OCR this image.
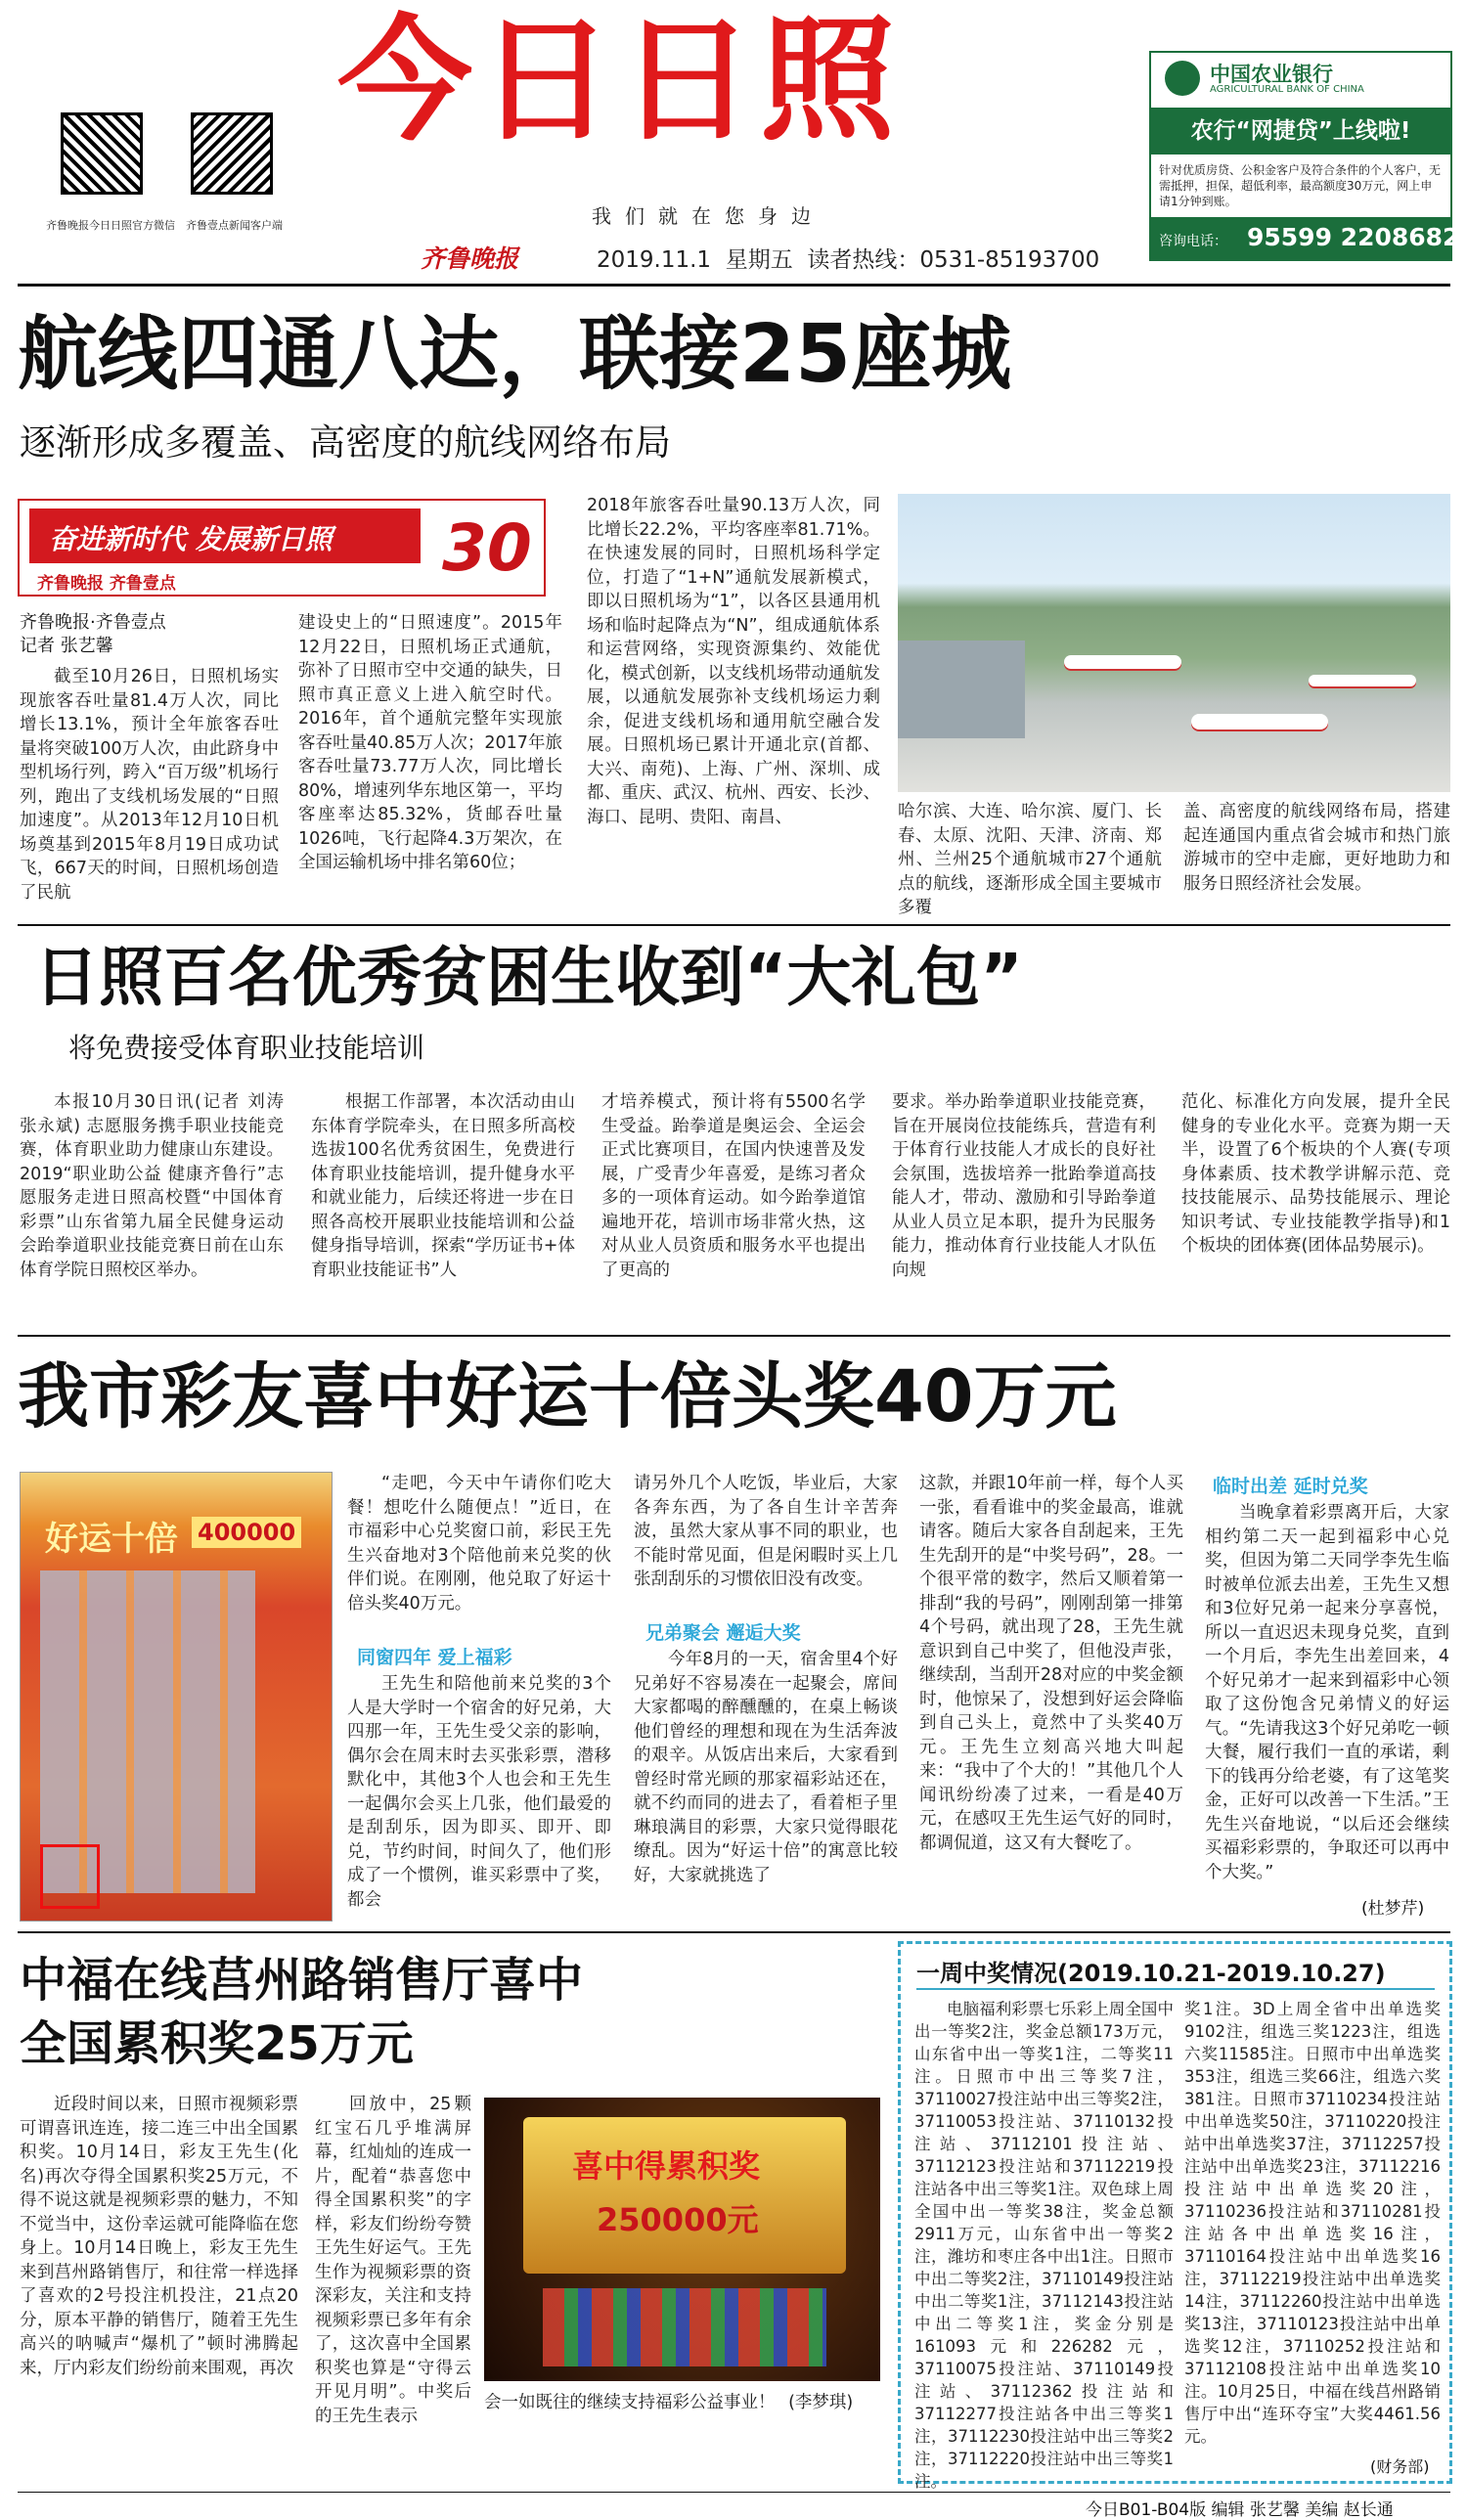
齐鲁晚报今日日照官方微信 齐鲁壹点新闻客户端
今日日照
我们就在您身边
齐鲁晚报	2019.11.1 星期五 读者热线：0531-85193700
中国农业银行
AGRICULTURAL BANK OF CHINA
农行“网捷贷”上线啦!
针对优质房贷、公积金客户及符合条件的个人客户，无需抵押，担保，超低利率，最高额度30万元，网上申请1分钟到账。
咨询电话： 95599 2208682
航线四通八达，联接25座城
逐渐形成多覆盖、高密度的航线网络布局
奋进新时代 发展新日照
齐鲁晚报 齐鲁壹点	30
齐鲁晚报·齐鲁壹点
记者 张艺馨

截至10月26日，日照机场实现旅客吞吐量81.4万人次，同比增长13.1%，预计全年旅客吞吐量将突破100万人次，由此跻身中型机场行列，跨入“百万级”机场行列，跑出了支线机场发展的“日照加速度”。从2013年12月10日机场奠基到2015年8月19日成功试飞，667天的时间，日照机场创造了民航

建设史上的“日照速度”。2015年12月22日，日照机场正式通航，弥补了日照市空中交通的缺失，日照市真正意义上进入航空时代。2016年，首个通航完整年实现旅客吞吐量40.85万人次；2017年旅客吞吐量73.77万人次，同比增长80%，增速列华东地区第一，平均客座率达85.32%，货邮吞吐量1026吨，飞行起降4.3万架次，在全国运输机场中排名第60位；

2018年旅客吞吐量90.13万人次，同比增长22.2%，平均客座率81.71%。在快速发展的同时，日照机场科学定位，打造了“1+N”通航发展新模式，即以日照机场为“1”，以各区县通用机场和临时起降点为“N”，组成通航体系和运营网络，实现资源集约、效能优化，模式创新，以支线机场带动通航发展，以通航发展弥补支线机场运力剩余，促进支线机场和通用航空融合发展。日照机场已累计开通北京(首都、大兴、南苑)、上海、广州、深圳、成都、重庆、武汉、杭州、西安、长沙、海口、昆明、贵阳、南昌、	哈尔滨、大连、哈尔滨、厦门、长春、太原、沈阳、天津、济南、郑州、兰州25个通航城市27个通航点的航线，逐渐形成全国主要城市多覆

盖、高密度的航线网络布局，搭建起连通国内重点省会城市和热门旅游城市的空中走廊，更好地助力和服务日照经济社会发展。

日照百名优秀贫困生收到“大礼包”
将免费接受体育职业技能培训

本报10月30日讯(记者 刘涛 张永斌) 志愿服务携手职业技能竞赛，体育职业助力健康山东建设。2019“职业助公益 健康齐鲁行”志愿服务走进日照高校暨“中国体育彩票”山东省第九届全民健身运动会跆拳道职业技能竞赛日前在山东体育学院日照校区举办。

根据工作部署，本次活动由山东体育学院牵头，在日照多所高校选拔100名优秀贫困生，免费进行体育职业技能培训，提升健身水平和就业能力，后续还将进一步在日照各高校开展职业技能培训和公益健身指导培训，探索“学历证书+体育职业技能证书”人

才培养模式，预计将有5500名学生受益。跆拳道是奥运会、全运会正式比赛项目，在国内快速普及发展，广受青少年喜爱，是练习者众多的一项体育运动。如今跆拳道馆遍地开花，培训市场非常火热，这对从业人员资质和服务水平也提出了更高的

要求。举办跆拳道职业技能竞赛，旨在开展岗位技能练兵，营造有利于体育行业技能人才成长的良好社会氛围，选拔培养一批跆拳道高技能人才，带动、激励和引导跆拳道从业人员立足本职，提升为民服务能力，推动体育行业技能人才队伍向规

范化、标准化方向发展，提升全民健身的专业化水平。竞赛为期一天半，设置了6个板块的个人赛(专项身体素质、技术教学讲解示范、竞技技能展示、品势技能展示、理论知识考试、专业技能教学指导)和1个板块的团体赛(团体品势展示)。

我市彩友喜中好运十倍头奖40万元
好运十倍 400000

“走吧，今天中午请你们吃大餐！想吃什么随便点！”近日，在市福彩中心兑奖窗口前，彩民王先生兴奋地对3个陪他前来兑奖的伙伴们说。在刚刚，他兑取了好运十倍头奖40万元。

同窗四年 爱上福彩

王先生和陪他前来兑奖的3个人是大学时一个宿舍的好兄弟，大四那一年，王先生受父亲的影响，偶尔会在周末时去买张彩票，潜移默化中，其他3个人也会和王先生一起偶尔会买上几张，他们最爱的是刮刮乐，因为即买、即开、即兑，节约时间，时间久了，他们形成了一个惯例，谁买彩票中了奖，都会

请另外几个人吃饭，毕业后，大家各奔东西，为了各自生计辛苦奔波，虽然大家从事不同的职业，也不能时常见面，但是闲暇时买上几张刮刮乐的习惯依旧没有改变。

兄弟聚会 邂逅大奖

今年8月的一天，宿舍里4个好兄弟好不容易凑在一起聚会，席间大家都喝的醉醺醺的，在桌上畅谈他们曾经的理想和现在为生活奔波的艰辛。从饭店出来后，大家看到曾经时常光顾的那家福彩站还在，就不约而同的进去了，看着柜子里琳琅满目的彩票，大家只觉得眼花缭乱。因为“好运十倍”的寓意比较好，大家就挑选了

这款，并跟10年前一样，每个人买一张，看看谁中的奖金最高，谁就请客。随后大家各自刮起来，王先生先刮开的是“中奖号码”，28。一个很平常的数字，然后又顺着第一排刮“我的号码”，刚刚刮第一排第4个号码，就出现了28，王先生就意识到自己中奖了，但他没声张，继续刮，当刮开28对应的中奖金额时，他惊呆了，没想到好运会降临到自己头上，竟然中了头奖40万元。王先生立刻高兴地大叫起来：“我中了个大的！”其他几个人闻讯纷纷凑了过来，一看是40万元，在感叹王先生运气好的同时，都调侃道，这又有大餐吃了。

临时出差 延时兑奖

当晚拿着彩票离开后，大家相约第二天一起到福彩中心兑奖，但因为第二天同学李先生临时被单位派去出差，王先生又想和3位好兄弟一起来分享喜悦，所以一直迟迟未现身兑奖，直到一个月后，李先生出差回来，4个好兄弟才一起来到福彩中心领取了这份饱含兄弟情义的好运气。“先请我这3个好兄弟吃一顿大餐，履行我们一直的承诺，剩下的钱再分给老婆，有了这笔奖金，正好可以改善一下生活。”王先生兴奋地说，“以后还会继续买福彩彩票的，争取还可以再中个大奖。”

(杜梦芹)
中福在线莒州路销售厅喜中
全国累积奖25万元

近段时间以来，日照市视频彩票可谓喜讯连连，接二连三中出全国累积奖。10月14日，彩友王先生(化名)再次夺得全国累积奖25万元，不得不说这就是视频彩票的魅力，不知不觉当中，这份幸运就可能降临在您身上。10月14日晚上，彩友王先生来到莒州路销售厅，和往常一样选择了喜欢的2号投注机投注，21点20分，原本平静的销售厅，随着王先生高兴的呐喊声“爆机了”顿时沸腾起来，厅内彩友们纷纷前来围观，再次

回放中，25颗红宝石几乎堆满屏幕，红灿灿的连成一片，配着“恭喜您中得全国累积奖”的字样，彩友们纷纷夸赞王先生好运气。王先生作为视频彩票的资深彩友，关注和支持视频彩票已多年有余了，这次喜中全国累积奖也算是“守得云开见月明”。中奖后的王先生表示

喜中得累积奖
250000元
会一如既往的继续支持福彩公益事业！ (李梦琪)
一周中奖情况(2019.10.21-2019.10.27)

电脑福利彩票七乐彩上周全国中出一等奖2注，奖金总额173万元，山东省中出一等奖1注，二等奖11注。日照市中出三等奖7注，37110027投注站中出三等奖2注，37110053投注站、37110132投注站、37112101投注站、37112123投注站和37112219投注站各中出三等奖1注。双色球上周全国中出一等奖38注，奖金总额2911万元，山东省中出一等奖2注，潍坊和枣庄各中出1注。日照市中出二等奖2注，37110149投注站中出二等奖1注，37112143投注站中出二等奖1注，奖金分别是161093元和226282元，37110075投注站、37110149投注站、37112362投注站和37112277投注站各中出三等奖1注，37112230投注站中出三等奖2注，37112220投注站中出三等奖1注。

奖1注。3D上周全省中出单选奖9102注，组选三奖1223注，组选六奖11585注。日照市中出单选奖353注，组选三奖66注，组选六奖381注。日照市37110234投注站中出单选奖50注，37110220投注站中出单选奖37注，37112257投注站中出单选奖23注，37112216投注站中出单选奖20注，37110236投注站和37110281投注站各中出单选奖16注，37110164投注站中出单选奖16注，37112219投注站中出单选奖14注，37112260投注站中出单选奖13注，37110123投注站中出单选奖12注，37110252投注站和37112108投注站中出单选奖10注。10月25日，中福在线莒州路销售厅中出“连环夺宝”大奖4461.56元。

(财务部)
今日B01-B04版 编辑 张艺馨 美编 赵长通
